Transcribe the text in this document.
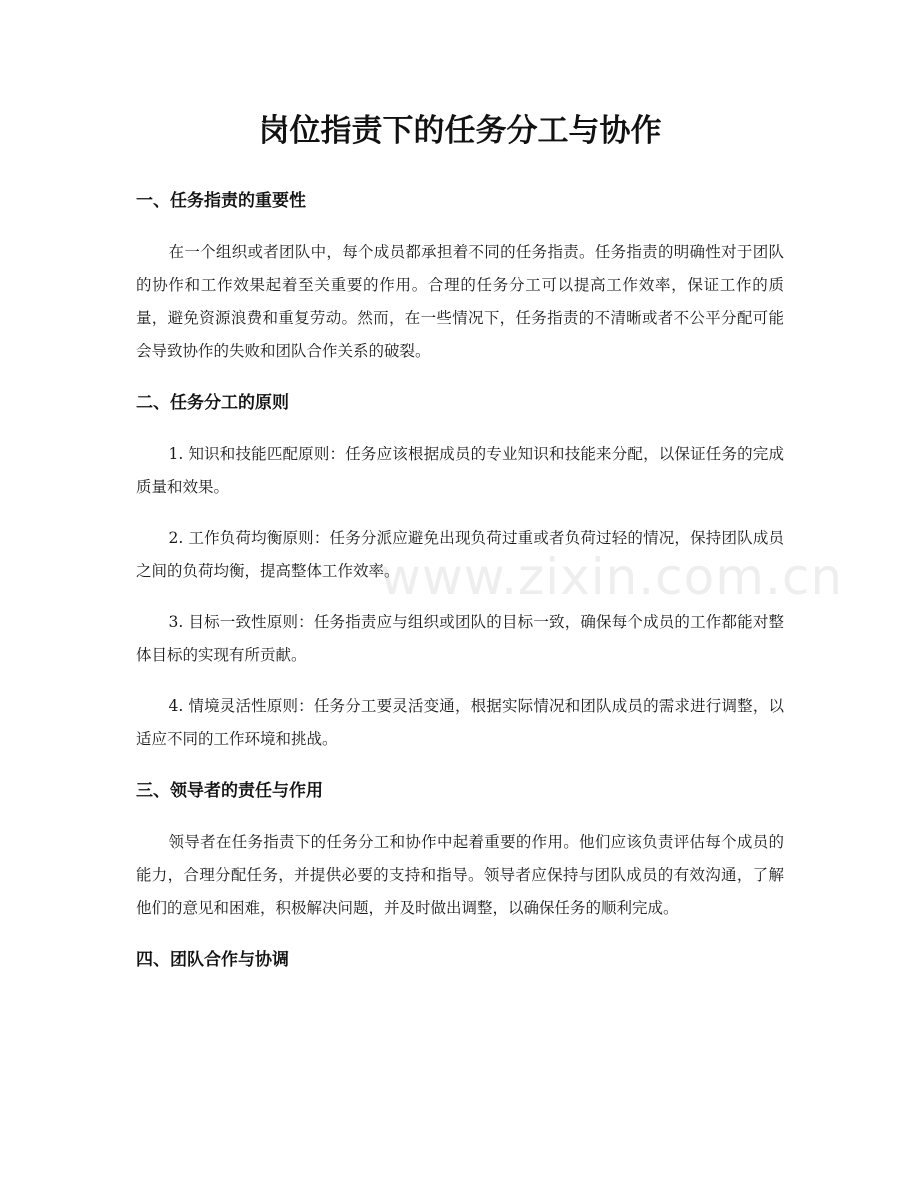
岗位指责下的任务分工与协作
www.zixin.com.cn
一、任务指责的重要性

在一个组织或者团队中，每个成员都承担着不同的任务指责。任务指责的明确性对于团队的协作和工作效果起着至关重要的作用。合理的任务分工可以提高工作效率，保证工作的质量，避免资源浪费和重复劳动。然而，在一些情况下，任务指责的不清晰或者不公平分配可能会导致协作的失败和团队合作关系的破裂。

二、任务分工的原则

1. 知识和技能匹配原则：任务应该根据成员的专业知识和技能来分配，以保证任务的完成质量和效果。

2. 工作负荷均衡原则：任务分派应避免出现负荷过重或者负荷过轻的情况，保持团队成员之间的负荷均衡，提高整体工作效率。

3. 目标一致性原则：任务指责应与组织或团队的目标一致，确保每个成员的工作都能对整体目标的实现有所贡献。

4. 情境灵活性原则：任务分工要灵活变通，根据实际情况和团队成员的需求进行调整，以适应不同的工作环境和挑战。

三、领导者的责任与作用

领导者在任务指责下的任务分工和协作中起着重要的作用。他们应该负责评估每个成员的能力，合理分配任务，并提供必要的支持和指导。领导者应保持与团队成员的有效沟通，了解他们的意见和困难，积极解决问题，并及时做出调整，以确保任务的顺利完成。

四、团队合作与协调
